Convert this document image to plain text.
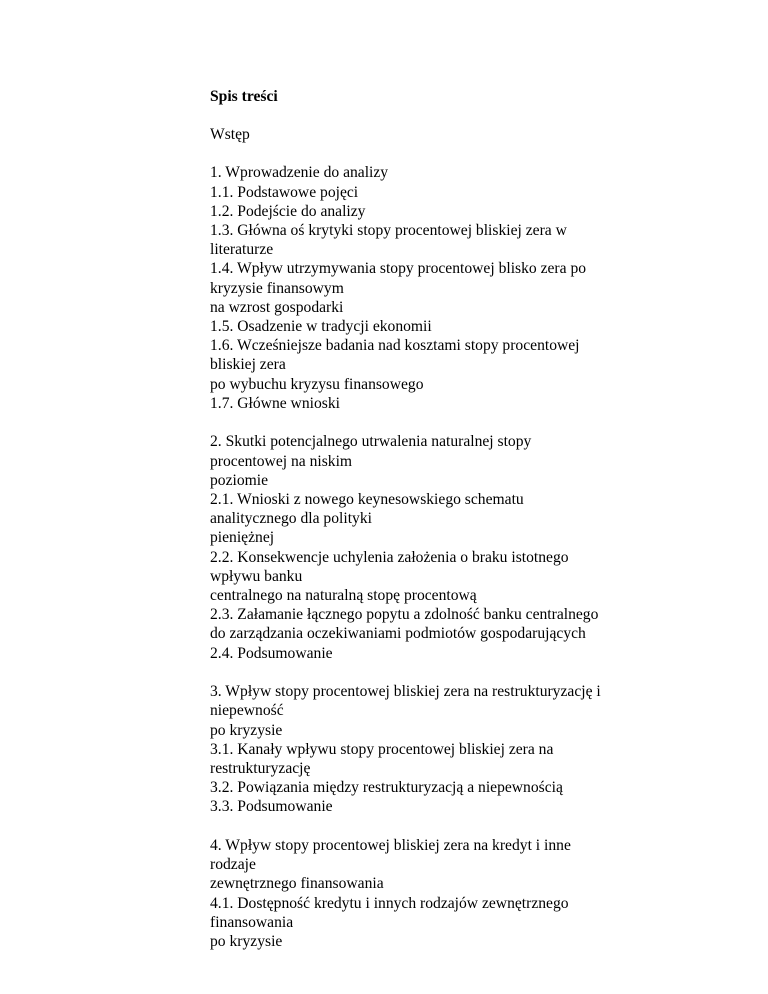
Spis treści
Wstęp
1. Wprowadzenie do analizy
1.1. Podstawowe pojęci
1.2. Podejście do analizy
1.3. Główna oś krytyki stopy procentowej bliskiej zera w
literaturze
1.4. Wpływ utrzymywania stopy procentowej blisko zera po
kryzysie finansowym
na wzrost gospodarki
1.5. Osadzenie w tradycji ekonomii
1.6. Wcześniejsze badania nad kosztami stopy procentowej
bliskiej zera
po wybuchu kryzysu finansowego
1.7. Główne wnioski
2. Skutki potencjalnego utrwalenia naturalnej stopy
procentowej na niskim
poziomie
2.1. Wnioski z nowego keynesowskiego schematu
analitycznego dla polityki
pieniężnej
2.2. Konsekwencje uchylenia założenia o braku istotnego
wpływu banku
centralnego na naturalną stopę procentową
2.3. Załamanie łącznego popytu a zdolność banku centralnego
do zarządzania oczekiwaniami podmiotów gospodarujących
2.4. Podsumowanie
3. Wpływ stopy procentowej bliskiej zera na restrukturyzację i
niepewność
po kryzysie
3.1. Kanały wpływu stopy procentowej bliskiej zera na
restrukturyzację
3.2. Powiązania między restrukturyzacją a niepewnością
3.3. Podsumowanie
4. Wpływ stopy procentowej bliskiej zera na kredyt i inne
rodzaje
zewnętrznego finansowania
4.1. Dostępność kredytu i innych rodzajów zewnętrznego
finansowania
po kryzysie
